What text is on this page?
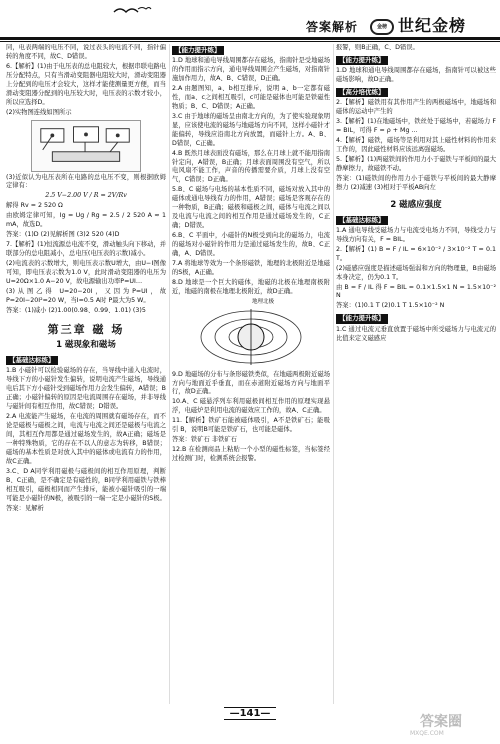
答案解析	金榜 世纪金榜

同，电表两端的电压不同，说过表头的电流不同，指针偏转的角度不同，故C、D错误。

6.【解析】(1)由于电压表的总电阻较大，根据串联电路电压分配特点，只有当滑动变阻器电阻较大时，滑动变阻器上分配到的电压才会较大，这样才能使测量更方便，而当滑动变阻器分配到的电压较大时，电压表的示数才较小，所以应选择D。

(2)实物图连线如图所示

(3)近似认为电压表所在电路的总电压不变，则根据欧姆定律有：

2.5 V−2.00 V / R = 2V/Rv

解得 Rv = 2 520 Ω

由欧姆定律可知，Ig = Ug / Rg = 2.5 / 2 520 A ≈ 1 mA，故选D。

答案：(1)D (2)见解析图 (3)2 520 (4)D

7.【解析】(1)恒流源总电流不变，滑动触头向下移动，并联部分的总电阻减小，总电压(电压表的示数)减小。

(2)电流表的示数增大，则电压表示数U增大，由U−I图像可知，即电压表示数为1.0 V，此时滑动变阻器的电压为 U=20Ω×1.0 A−20 V，故电源输出功率P=UI…

(3)从图乙得 U=20−20I，又因为P=UI，故P=20I−20I²=20 W，当I=0.5 A时 P最大为5 W。

答案：(1)减小 (2)1.00(0.98、0.99、1.01) (3)5

第三章 磁 场
1 磁现象和磁场
【基础达标练】

1.B 小磁针可以检验磁场的存在，当导线中通入电流时，导线下方的小磁针发生偏转，说明电流产生磁场，导线通电后其下方小磁针受到磁场作用力会发生偏转，A错误；B正确；小磁针偏转的原因是电流周围存在磁场，并非导线与磁针间有相互作用，故C错误；D错误。

2.A 电流能产生磁场，在电流的周围就有磁场存在，而不论是磁极与磁极之间，电流与电流之间还是磁极与电流之间，其相互作用都是通过磁场发生的，故A正确；磁场是一种特殊物质，它的存在不以人的意志为转移，B错误；磁场的基本性质是对放入其中的磁体或电流有力的作用，故C正确。

3.C、D A同学利用磁极与磁极间的相互作用原理，判断B、C正确，是不确定是有磁性的，B同学利用磁铁与铁棒相互吸引，磁极相同而产生排斥，能被小磁针吸引的一端可能是小磁针的N极，被吸引的一端一定是小磁针的S极。

答案：见解析

【能力提升练】

1.D 地球和通电导线周围都存在磁场，指南针是受地磁场的作用而指示方向，通电导线周围会产生磁场，对指南针施加作用力，故A、B、C错误，D正确。

2.A 由题图知，a、b相互排斥，说明 a、b一定都有磁性，而a、c之间相互吸引，c可能是磁体也可能是铁磁性物质；B、C、D错误；A正确。

3.C 由于地球的磁场呈由南北方向的，为了使实验现象明显，应该使电流的磁场与地磁场方向不同，这样小磁针才能偏转，导线应沿南北方向放置，而磁针上方。A、B、D错误，C正确。

4.B 既然月球表面没有磁场，那么在月球上就不能用指南针定向，A错误，B正确；月球表面周围没有空气，所以电风扇不能工作，声音的传播需要介质，月球上没有空气，C错误；D正确。

5.B、C 磁场与电场的基本性质不同，磁场对放入其中的磁体或通电导线有力的作用，A错误；磁场是客观存在的一种物质，B正确；磁极和磁极之间，磁体与电流之间以及电流与电流之间的相互作用是通过磁场发生的，C正确；D错误。

6.B、C 平面中，小磁针的N极受到向北的磁场力，电流的磁场对小磁针的作用力是通过磁场发生的，故B、C正确，A、D错误。

7.A 将地球等效为一个条形磁铁，地理的北极附近是地磁的S极，A正确。

8.D 地球是一个巨大的磁体，地磁的北极在地理南极附近，地磁的南极在地理北极附近，故D正确。

地理北极

9.D 地磁场的分布与条形磁铁类似，在地磁两极附近磁场方向与地面近乎垂直，而在赤道附近磁场方向与地面平行，故D正确。

10.A、C 磁悬浮列车利用磁极间相互作用的原理实现悬浮，电磁炉是利用电流的磁效应工作的，故A、C正确。

11.【解析】铁矿石能被磁体吸引，A不是铁矿石；能吸引 B，说明B可能是铁矿石，也可能是磁体。

答案：铁矿石 非铁矿石

12.B 在检测商品上粘贴一个小型的磁性标签，当标签经过检测门时，检测系统会报警。

报警，则B正确，C、D错误。

【能力提升练】

1.D 地球和通电导线周围都存在磁场，指南针可以被这些磁场影响，故D正确。

【高分培优练】

2.【解析】磁铁用有其作用产生的两极磁场中，地磁场和磁体的运动中产生的

3.【解析】(1)在地磁场中，铁丝处于磁场中，若磁场力 F = BIL，可得 F = ρ + Mg ...

4.【解析】磁铁，磁场等是利用对其上磁性材料的作用来工作的，因此磁性材料应该远离强磁场。

5.【解析】(1)两磁铁间的作用力小于磁铁与平板间的最大静摩擦力，故磁铁不动。

答案：(1)磁铁间的作用力小于磁铁与平板间的最大静摩擦力 (2)减速 (3)相对于平板AB向左

2 磁感应强度
【基础达标练】

1.A 通电导线受磁场力与电流受电场力不同，导线受力与导线方向有关，F = BIL。

2.【解析】(1) B = F / IL = 6×10⁻² / 3×10⁻² T = 0.1 T。

(2)磁感应强度是描述磁场强弱和方向的物理量，B由磁场本身决定，仍为0.1 T。

由 B = F / IL 得 F = BIL = 0.1×1.5×1 N = 1.5×10⁻² N

答案：(1)0.1 T (2)0.1 T 1.5×10⁻² N

【能力提升练】

1.C 通过电流元垂直放置于磁场中所受磁场力与电流元的比值来定义磁感应

—141—	答案圈
MXQE.COM
